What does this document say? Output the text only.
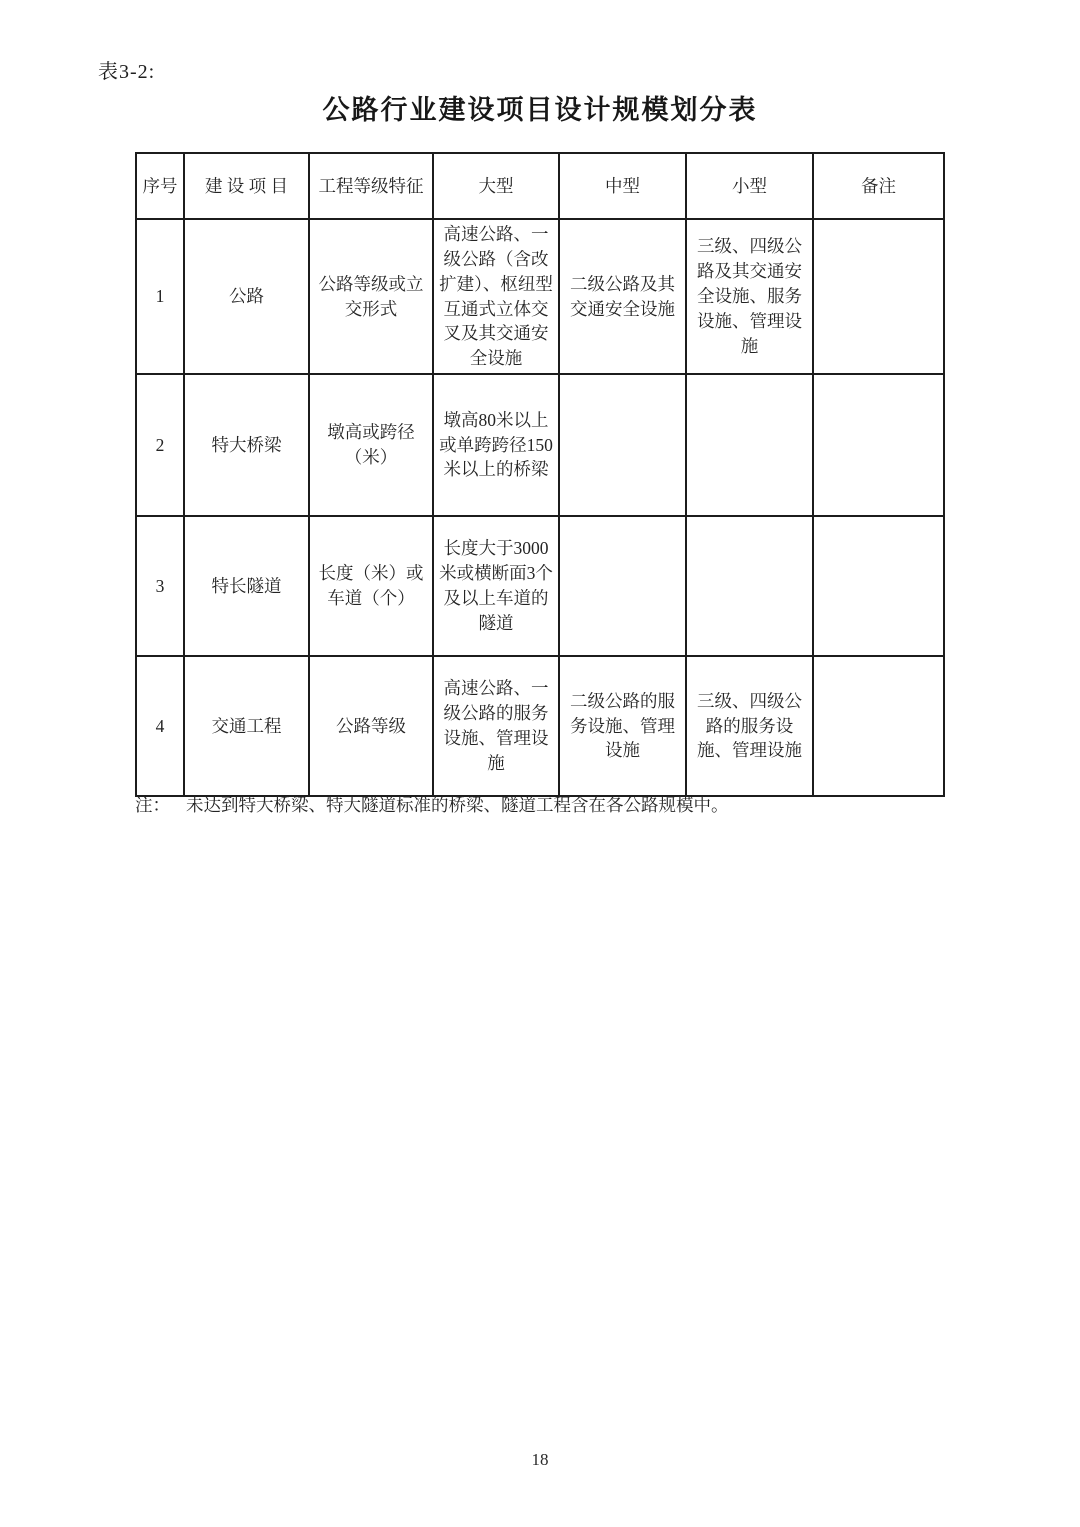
表3-2:
公路行业建设项目设计规模划分表
序号	建 设 项 目	工程等级特征	大型	中型	小型	备注
1	公路	公路等级或立交形式	高速公路、一级公路（含改扩建）、枢纽型互通式立体交叉及其交通安全设施	二级公路及其交通安全设施	三级、四级公路及其交通安全设施、服务设施、管理设施	
2	特大桥梁	墩高或跨径（米）	墩高80米以上或单跨跨径150米以上的桥梁			
3	特长隧道	长度（米）或车道（个）	长度大于3000米或横断面3个及以上车道的隧道			
4	交通工程	公路等级	高速公路、一级公路的服务设施、管理设施	二级公路的服务设施、管理设施	三级、四级公路的服务设施、管理设施	
注： 未达到特大桥梁、特大隧道标准的桥梁、隧道工程含在各公路规模中。
18
